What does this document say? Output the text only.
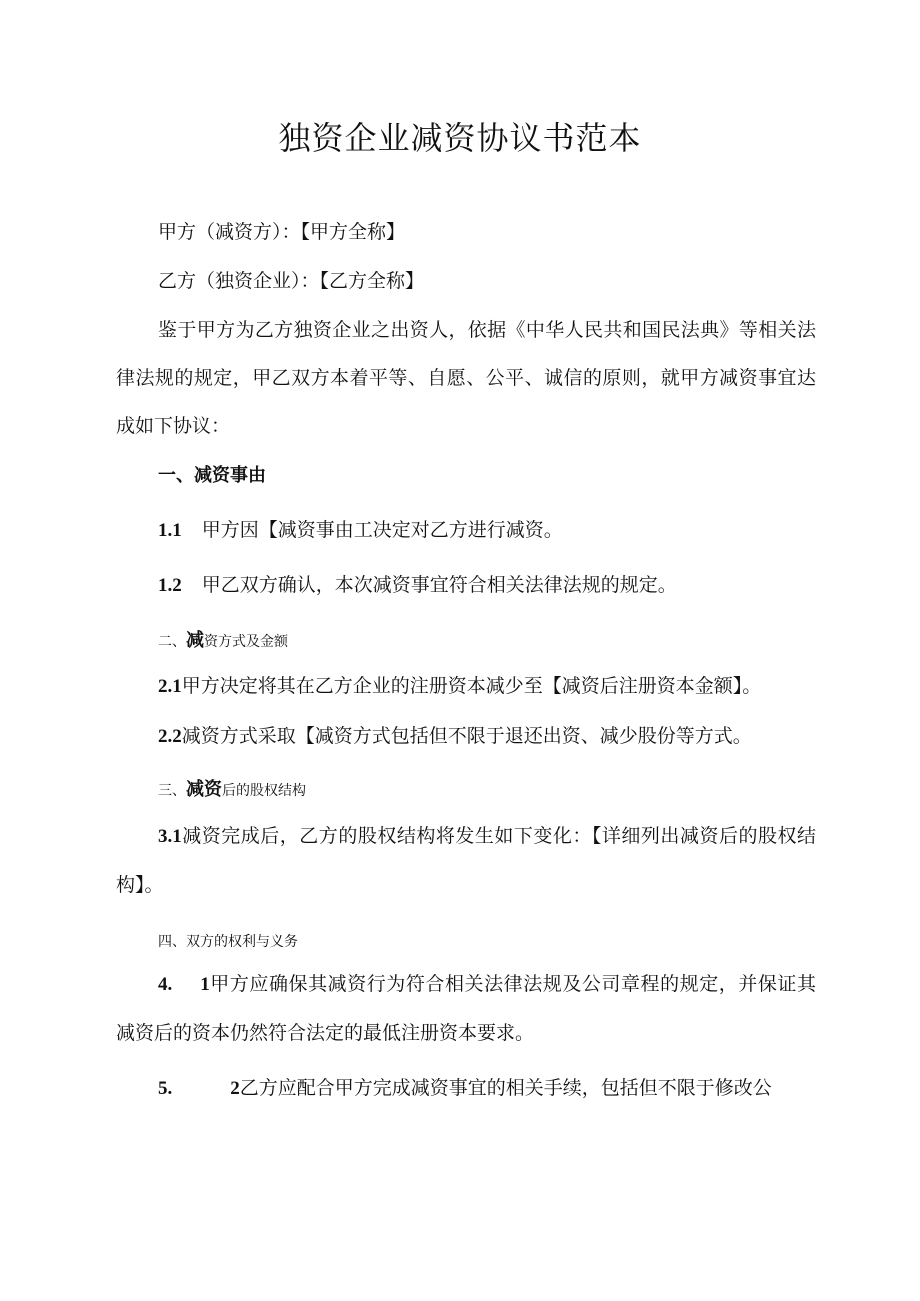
独资企业减资协议书范本
甲方（减资方）：【甲方全称】
乙方（独资企业）：【乙方全称】
鉴于甲方为乙方独资企业之出资人，依据《中华人民共和国民法典》等相关法律法规的规定，甲乙双方本着平等、自愿、公平、诚信的原则，就甲方减资事宜达成如下协议：
一、减资事由
1.1 甲方因【减资事由工决定对乙方进行减资。
1.2 甲乙双方确认，本次减资事宜符合相关法律法规的规定。
二、减资方式及金额
2.1甲方决定将其在乙方企业的注册资本减少至【减资后注册资本金额】。
2.2减资方式采取【减资方式包括但不限于退还出资、减少股份等方式。
三、减资后的股权结构
3.1减资完成后，乙方的股权结构将发生如下变化：【详细列出减资后的股权结构】。
四、双方的权利与义务
4. 1甲方应确保其减资行为符合相关法律法规及公司章程的规定，并保证其减资后的资本仍然符合法定的最低注册资本要求。
5.	2乙方应配合甲方完成减资事宜的相关手续，包括但不限于修改公
